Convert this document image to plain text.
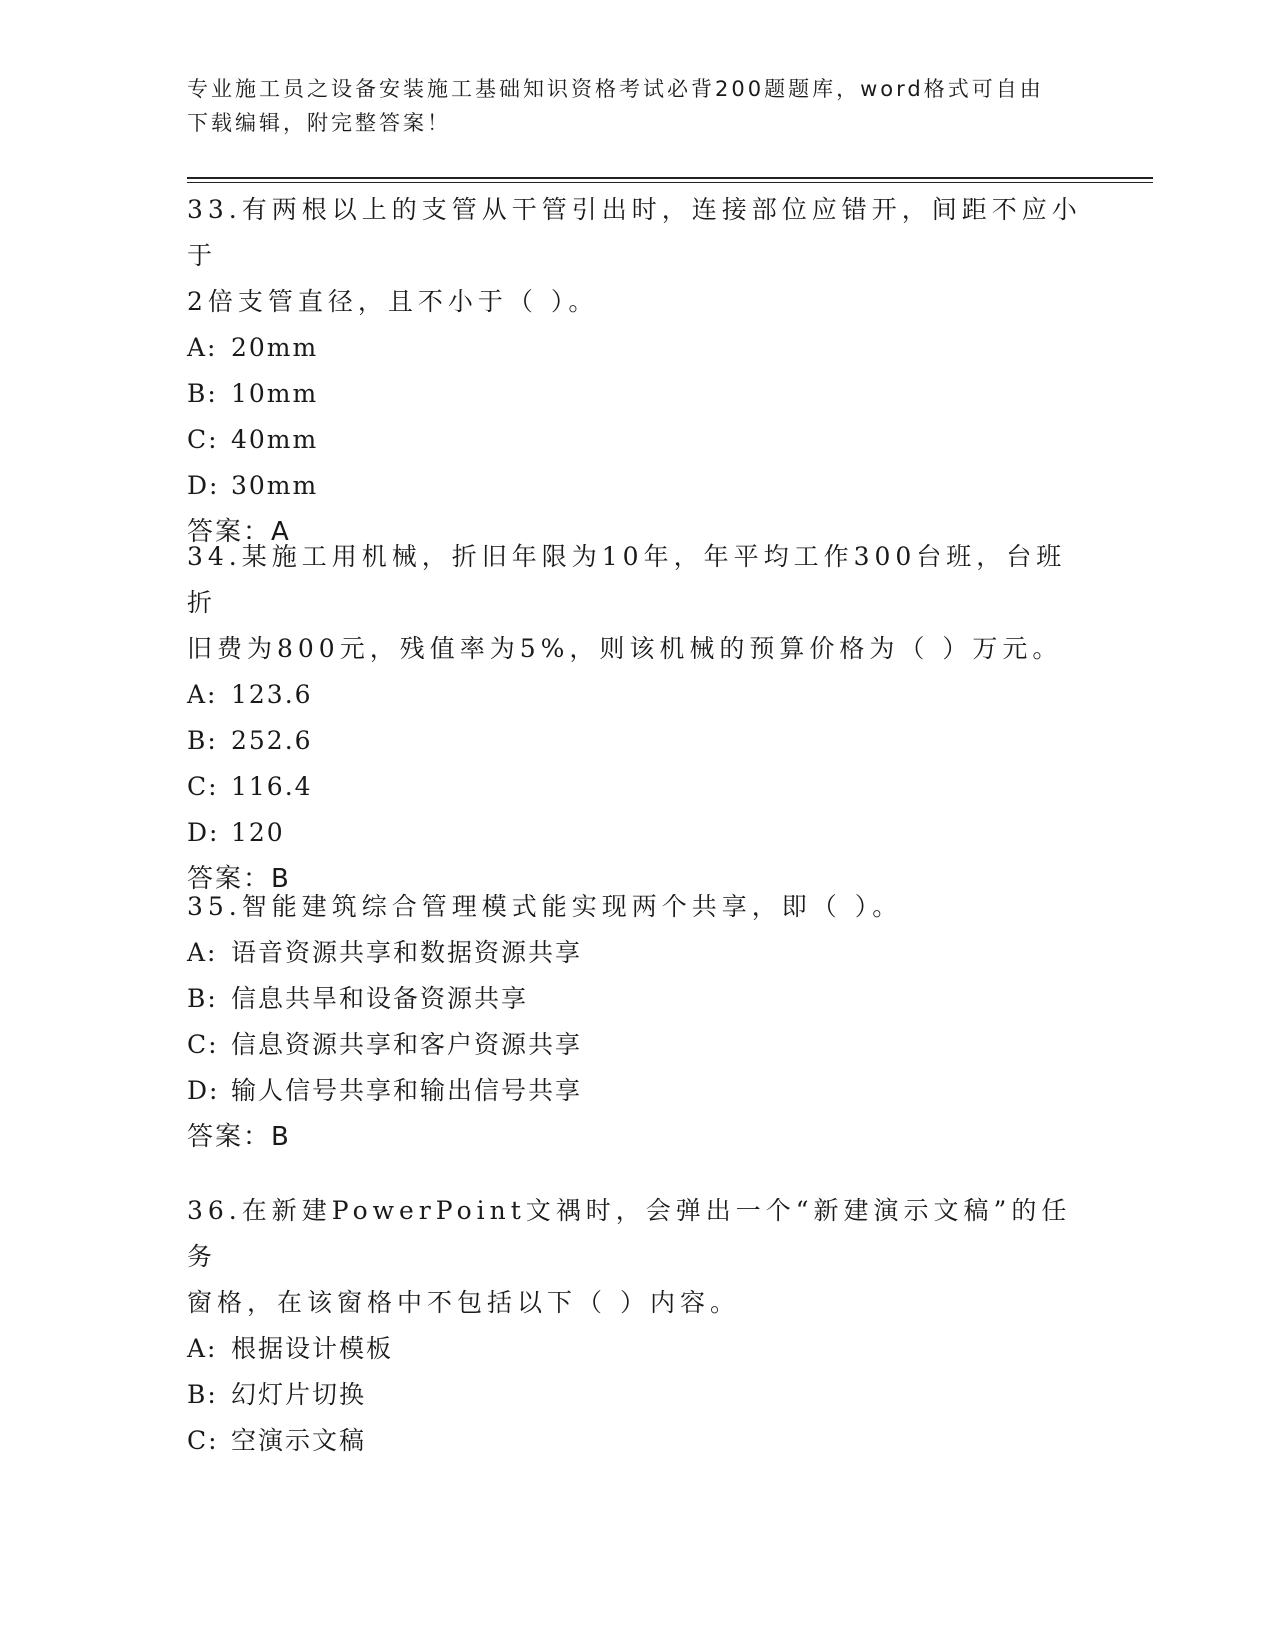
专业施工员之设备安装施工基础知识资格考试必背200题题库，word格式可自由
下载编辑，附完整答案！
33.有两根以上的支管从干管引出时，连接部位应错开，间距不应小于
2倍支管直径，且不小于（ ）。
A: 20mm
B: 10mm
C: 40mm
D: 30mm
答案：A
34.某施工用机械，折旧年限为10年，年平均工作300台班，台班折
旧费为800元，残值率为5%，则该机械的预算价格为（ ）万元。
A: 123.6
B: 252.6
C: 116.4
D: 120
答案：B
35.智能建筑综合管理模式能实现两个共享，即（ ）。
A: 语音资源共享和数据资源共享
B: 信息共旱和设备资源共享
C: 信息资源共享和客户资源共享
D: 输人信号共享和输出信号共享
答案：B
36.在新建PowerPoint文禑时，会弹出一个“新建演示文稿”的任务
窗格，在该窗格中不包括以下（ ）内容。
A: 根据设计模板
B: 幻灯片切换
C: 空演示文稿
